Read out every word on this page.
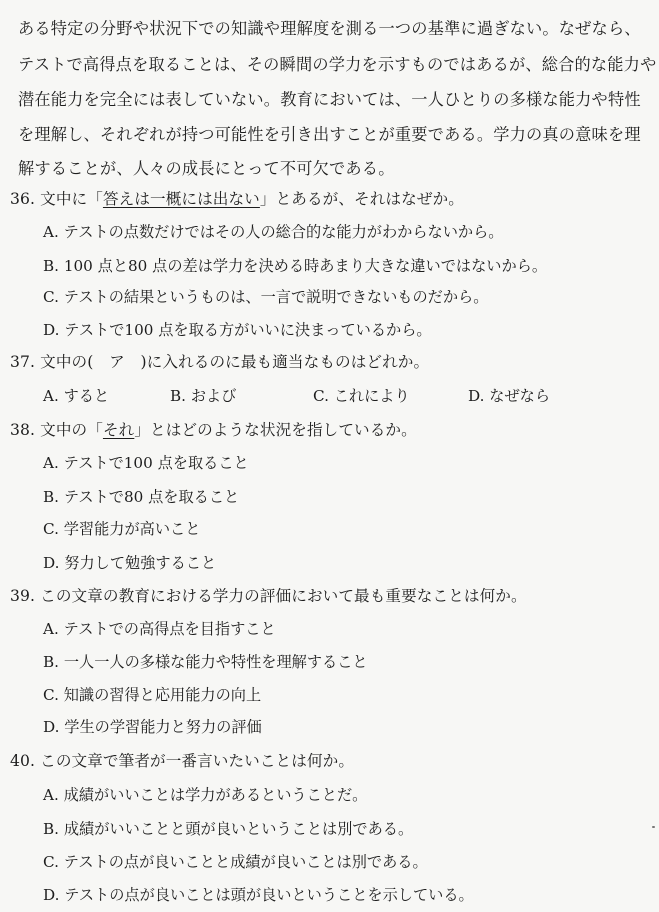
ある特定の分野や状況下での知識や理解度を測る一つの基準に過ぎない。なぜなら、
テストで高得点を取ることは、その瞬間の学力を示すものではあるが、総合的な能力や
潜在能力を完全には表していない。教育においては、一人ひとりの多様な能力や特性
を理解し、それぞれが持つ可能性を引き出すことが重要である。学力の真の意味を理
解することが、人々の成長にとって不可欠である。
36. 文中に「答えは一概には出ない」とあるが、それはなぜか。
A. テストの点数だけではその人の総合的な能力がわからないから。
B. 100 点と80 点の差は学力を決める時あまり大きな違いではないから。
C. テストの結果というものは、一言で説明できないものだから。
D. テストで100 点を取る方がいいに決まっているから。
37. 文中の(　ア　)に入れるのに最も適当なものはどれか。
A. すると	B. および	C. これにより	D. なぜなら
38. 文中の「それ」とはどのような状況を指しているか。
A. テストで100 点を取ること
B. テストで80 点を取ること
C. 学習能力が高いこと
D. 努力して勉強すること
39. この文章の教育における学力の評価において最も重要なことは何か。
A. テストでの高得点を目指すこと
B. 一人一人の多様な能力や特性を理解すること
C. 知識の習得と応用能力の向上
D. 学生の学習能力と努力の評価
40. この文章で筆者が一番言いたいことは何か。
A. 成績がいいことは学力があるということだ。
B. 成績がいいことと頭が良いということは別である。
C. テストの点が良いことと成績が良いことは別である。
D. テストの点が良いことは頭が良いということを示している。
